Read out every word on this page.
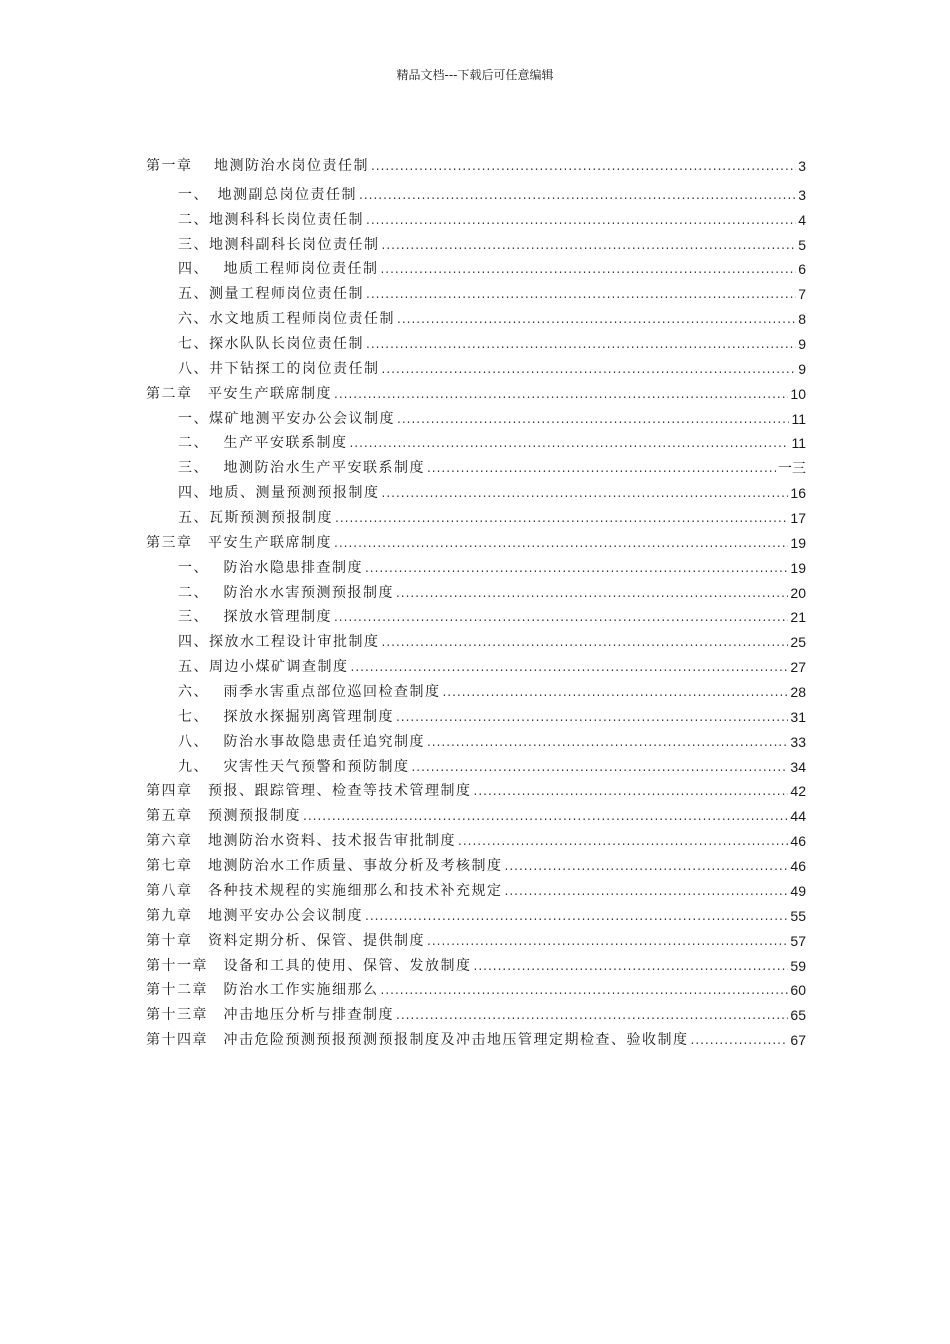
精品文档---下载后可任意编辑
第一章　 地测防治水岗位责任制 .....	3
一、　地测副总岗位责任制 .....	3
二、地测科科长岗位责任制 .....	4
三、地测科副科长岗位责任制 .....	5
四、　 地质工程师岗位责任制 .....	6
五、测量工程师岗位责任制 .....	7
六、水文地质工程师岗位责任制 .....	8
七、探水队队长岗位责任制 .....	9
八、井下钻探工的岗位责任制 .....	9
第二章　平安生产联席制度 .....	10
一、煤矿地测平安办公会议制度 .....	11
二、　 生产平安联系制度 .....	11
三、　 地测防治水生产平安联系制度 .....	一三
四、地质、测量预测预报制度 .....	16
五、瓦斯预测预报制度 .....	17
第三章　平安生产联席制度 .....	19
一、　 防治水隐患排查制度 .....	19
二、　 防治水水害预测预报制度 .....	20
三、　 探放水管理制度 .....	21
四、探放水工程设计审批制度 .....	25
五、周边小煤矿调查制度 .....	27
六、　 雨季水害重点部位巡回检查制度 .....	28
七、　 探放水探掘别离管理制度 .....	31
八、　 防治水事故隐患责任追究制度 .....	33
九、　 灾害性天气预警和预防制度 .....	34
第四章　预报、跟踪管理、检查等技术管理制度 .....	42
第五章　预测预报制度 .....	44
第六章　地测防治水资料、技术报告审批制度 .....	46
第七章　地测防治水工作质量、事故分析及考核制度 .....	46
第八章　各种技术规程的实施细那么和技术补充规定 .....	49
第九章　地测平安办公会议制度 .....	55
第十章　资料定期分析、保管、提供制度 .....	57
第十一章　设备和工具的使用、保管、发放制度 .....	59
第十二章　防治水工作实施细那么 .....	60
第十三章　冲击地压分析与排查制度 .....	65
第十四章　冲击危险预测预报预测预报制度及冲击地压管理定期检查、验收制度 .....	67
